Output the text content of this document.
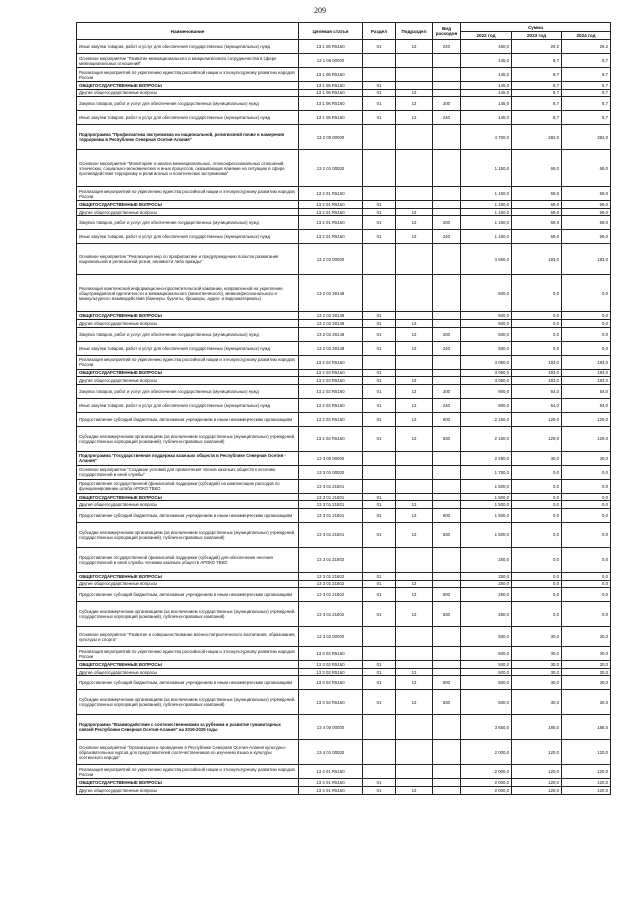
209
Наименование	Целевая статья	Раздел	Подраздел	Вид расходов	Сумма		
					2022 год	2023 год	2024 год
Иные закупки товаров, работ и услуг для обеспечения государственных (муниципальных) нужд	13 1 05 R5160	01	13	240	460,0	29,2	29,2
Основное мероприятие "Развитие межнационального и межрелигиозного сотрудничества в сфере межнациональных отношений"	13 1 06 00000				145,0	8,7	8,7
Реализация мероприятий по укреплению единства российской нации и этнокультурному развитию народов России	13 1 06 R5160				145,0	8,7	8,7
ОБЩЕГОСУДАРСТВЕННЫЕ ВОПРОСЫ	13 1 06 R5160	01			145,0	8,7	8,7
Другие общегосударственные вопросы	13 1 06 R5160	01	13		145,0	8,7	8,7
Закупка товаров, работ и услуг для обеспечения государственных (муниципальных) нужд	13 1 06 R5160	01	13	200	145,0	8,7	8,7
Иные закупки товаров, работ и услуг для обеспечения государственных (муниципальных) нужд	13 1 06 R5160	01	13	240	145,0	8,7	8,7
Подпрограмма "Профилактика экстремизма на национальной, религиозной почве и намерения терроризма в Республике Северная Осетия-Алания"	13 2 00 00000				4 700,0	282,0	282,0
Основное мероприятие "Мониторинг и анализ межнациональных, этноконфессиональных отношений, этнических, социально-экономических и иных процессов, оказывающих влияние на ситуацию в сфере противодействия терроризму и религиозных и политических экстремизма"	13 2 01 00000				1 150,0	69,0	69,0
Реализация мероприятий по укреплению единства российской нации и этнокультурному развитию народов России	13 2 01 R5160				1 150,0	69,0	69,0
ОБЩЕГОСУДАРСТВЕННЫЕ ВОПРОСЫ	13 2 01 R5160	01			1 150,0	69,0	69,0
Другие общегосударственные вопросы	13 2 01 R5160	01	13		1 150,0	69,0	69,0
Закупка товаров, работ и услуг для обеспечения государственных (муниципальных) нужд	13 2 01 R5160	01	13	200	1 150,0	69,0	69,0
Иные закупки товаров, работ и услуг для обеспечения государственных (муниципальных) нужд	13 2 01 R5160	01	13	240	1 150,0	69,0	69,0
Основное мероприятие "Реализация мер по профилактике и предупреждению попыток разжигания национальной и религиозной розни, ненависти либо вражды"	13 2 02 00000				3 550,0	183,0	183,0
Реализация комплексной информационно-просветительской кампании, направленной на укрепление общегражданской идентичности и межнационального (межэтнического), межконфессионального и межкультурного взаимодействия (баннеры, буклеты, брошюры, аудио- и видеоматериалы)	13 2 02 28148				500,0	0,0	0,0
ОБЩЕГОСУДАРСТВЕННЫЕ ВОПРОСЫ	13 2 02 28148	01			500,0	0,0	0,0
Другие общегосударственные вопросы	13 2 02 28148	01	13		500,0	0,0	0,0
Закупка товаров, работ и услуг для обеспечения государственных (муниципальных) нужд	13 2 02 28148	01	13	200	500,0	0,0	0,0
Иные закупки товаров, работ и услуг для обеспечения государственных (муниципальных) нужд	13 2 02 28148	01	13	240	500,0	0,0	0,0
Реализация мероприятий по укреплению единства российской нации и этнокультурному развитию народов России	13 2 02 R5160				3 050,0	183,0	183,0
ОБЩЕГОСУДАРСТВЕННЫЕ ВОПРОСЫ	13 2 02 R5160	01			3 050,0	183,0	183,0
Другие общегосударственные вопросы	13 2 02 R5160	01	13		3 050,0	183,0	183,0
Закупка товаров, работ и услуг для обеспечения государственных (муниципальных) нужд	13 2 02 R5160	01	13	200	900,0	54,0	54,0
Иные закупки товаров, работ и услуг для обеспечения государственных (муниципальных) нужд	13 2 02 R5160	01	13	240	900,0	54,0	54,0
Предоставление субсидий бюджетным, автономным учреждениям и иным некоммерческим организациям	13 2 02 R5160	01	13	600	2 150,0	129,0	129,0
Субсидии некоммерческим организациям (за исключением государственных (муниципальных) учреждений, государственных корпораций (компаний), публично-правовых компаний)	13 2 02 R5160	01	13	630	2 150,0	129,0	129,0
Подпрограмма "Государственная поддержка казачьих обществ в Республике Северная Осетия - Алания"	13 3 00 00000				2 250,0	30,0	30,0
Основное мероприятие "Создание условий для привлечения членов казачьих обществ к несению государственной и иной службы"	13 3 01 00000				1 750,0	0,0	0,0
Предоставление государственной (финансовой поддержки (субсидий) на компенсацию расходов по функционированию штаба АРОКО ТВКО	13 3 01 21801				1 500,0	0,0	0,0
ОБЩЕГОСУДАРСТВЕННЫЕ ВОПРОСЫ	13 3 01 21801	01			1 500,0	0,0	0,0
Другие общегосударственные вопросы	13 3 01 21801	01	13		1 500,0	0,0	0,0
Предоставление субсидий бюджетным, автономным учреждениям и иным некоммерческим организациям	13 3 01 21801	01	13	600	1 500,0	0,0	0,0
Субсидии некоммерческим организациям (за исключением государственных (муниципальных) учреждений, государственных корпораций (компаний), публично-правовых компаний)	13 3 01 21801	01	13	630	1 500,0	0,0	0,0
Предоставление государственной (финансовой поддержки (субсидий) для обеспечения несения государственной и иной службы членами казачьих обществ АРОКО ТВКО	13 3 01 21802				250,0	0,0	0,0
ОБЩЕГОСУДАРСТВЕННЫЕ ВОПРОСЫ	13 3 01 21802	01			250,0	0,0	0,0
Другие общегосударственные вопросы	13 3 01 21802	01	13		250,0	0,0	0,0
Предоставление субсидий бюджетным, автономным учреждениям и иным некоммерческим организациям	13 3 01 21802	01	13	600	250,0	0,0	0,0
Субсидии некоммерческим организациям (за исключением государственных (муниципальных) учреждений, государственных корпораций (компаний), публично-правовых компаний)	13 3 01 21802	01	13	630	250,0	0,0	0,0
Основное мероприятие "Развитие и совершенствование военно-патриотического воспитания, образования, культуры и спорта"	13 3 02 00000				500,0	30,0	30,0
Реализация мероприятий по укреплению единства российской нации и этнокультурному развитию народов России	13 3 02 R5160				500,0	30,0	30,0
ОБЩЕГОСУДАРСТВЕННЫЕ ВОПРОСЫ	13 3 02 R5160	01			500,0	30,0	30,0
Другие общегосударственные вопросы	13 3 02 R5160	01	13		500,0	30,0	30,0
Предоставление субсидий бюджетным, автономным учреждениям и иным некоммерческим организациям	13 3 02 R5160	01	13	600	500,0	30,0	30,0
Субсидии некоммерческим организациям (за исключением государственных (муниципальных) учреждений, государственных корпораций (компаний), публично-правовых компаний)	13 3 02 R5160	01	13	630	500,0	30,0	30,0
Подпрограмма "Взаимодействие с соотечественниками за рубежом и развитие гуманитарных связей Республики Северная Осетия-Алания" на 2019-2025 годы	13 4 00 00000				3 650,0	186,0	186,0
Основное мероприятие "Организация и проведение в Республике Северная Осетия-Алания культурно-образовательных курсов для представителей соотечественников по изучению языка и культуры осетинского народа"	13 4 01 00000				2 000,0	120,0	120,0
Реализация мероприятий по укреплению единства российской нации и этнокультурному развитию народов России	13 4 01 R5160				2 000,0	120,0	120,0
ОБЩЕГОСУДАРСТВЕННЫЕ ВОПРОСЫ	13 4 01 R5160	01			2 000,0	120,0	120,0
Другие общегосударственные вопросы	13 4 01 R5160	01	13		2 000,0	120,0	120,0
